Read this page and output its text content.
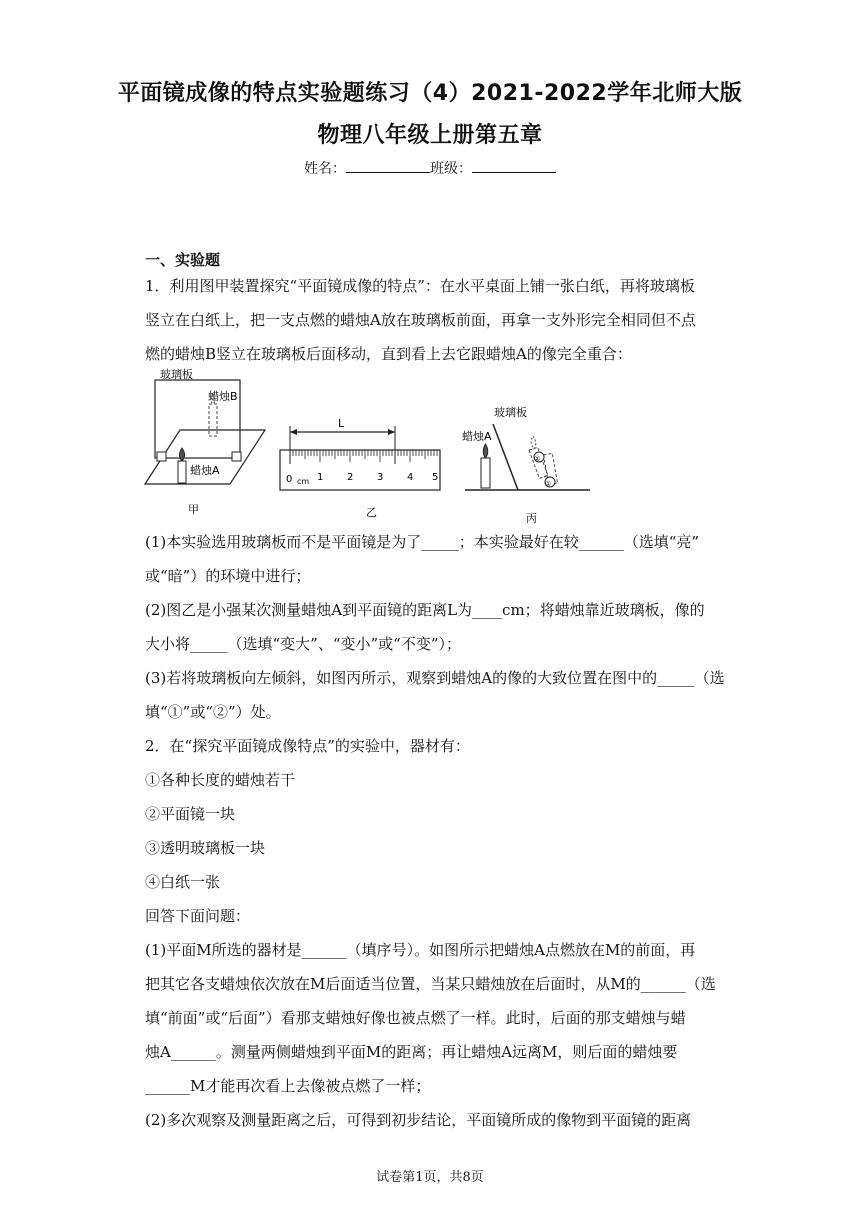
平面镜成像的特点实验题练习（4）2021-2022学年北师大版
物理八年级上册第五章
姓名：	班级：
一、实验题
1．利用图甲装置探究“平面镜成像的特点”：在水平桌面上铺一张白纸，再将玻璃板
竖立在白纸上，把一支点燃的蜡烛A放在玻璃板前面，再拿一支外形完全相同但不点
燃的蜡烛B竖立在玻璃板后面移动，直到看上去它跟蜡烛A的像完全重合：
玻璃板
蜡烛B
蜡烛A
甲
L
0 cm 1 2 3 4 5
乙
玻璃板
蜡烛A
①
②
丙
(1)本实验选用玻璃板而不是平面镜是为了_____；本实验最好在较______（选填“亮”
或“暗”）的环境中进行；
(2)图乙是小强某次测量蜡烛A到平面镜的距离L为____cm；将蜡烛靠近玻璃板，像的
大小将_____（选填“变大”、“变小”或“不变”）；
(3)若将玻璃板向左倾斜，如图丙所示，观察到蜡烛A的像的大致位置在图中的_____（选
填“①”或“②”）处。
2．在“探究平面镜成像特点”的实验中，器材有：
①各种长度的蜡烛若干
②平面镜一块
③透明玻璃板一块
④白纸一张
回答下面问题：
(1)平面M所选的器材是______（填序号）。如图所示把蜡烛A点燃放在M的前面，再
把其它各支蜡烛依次放在M后面适当位置，当某只蜡烛放在后面时，从M的______（选
填“前面”或“后面”）看那支蜡烛好像也被点燃了一样。此时，后面的那支蜡烛与蜡
烛A______。测量两侧蜡烛到平面M的距离；再让蜡烛A远离M，则后面的蜡烛要
______M才能再次看上去像被点燃了一样；
(2)多次观察及测量距离之后，可得到初步结论，平面镜所成的像物到平面镜的距离
试卷第1页，共8页
